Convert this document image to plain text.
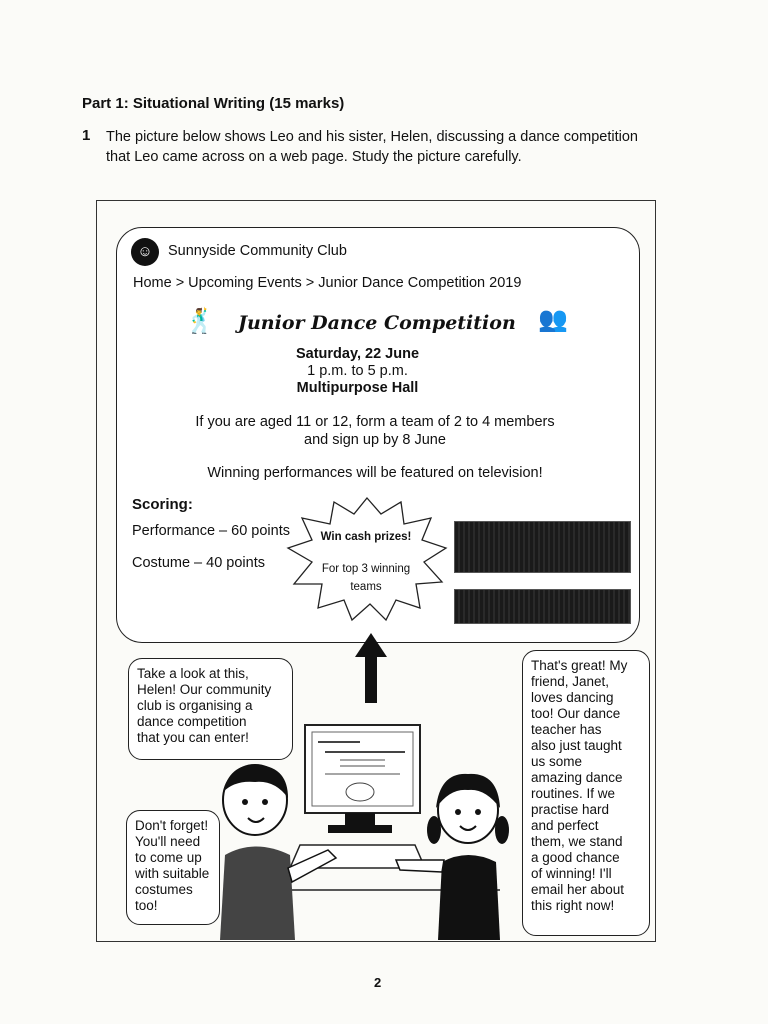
Part 1: Situational Writing (15 marks)
1 The picture below shows Leo and his sister, Helen, discussing a dance competition
that Leo came across on a web page. Study the picture carefully.
☺	Sunnyside Community Club
Home > Upcoming Events > Junior Dance Competition 2019
🕺 Junior Dance Competition 👥
Saturday, 22 June
1 p.m. to 5 p.m.
Multipurpose Hall
If you are aged 11 or 12, form a team of 2 to 4 members
and sign up by 8 June
Winning performances will be featured on television!
Scoring:
Performance – 60 points
Costume – 40 points
Win cash prizes!
For top 3 winning
teams

Take a look at this,

Helen! Our community

club is organising a

dance competition

that you can enter!

Don't forget!

You'll need

to come up

with suitable

costumes

too!

That's great! My

friend, Janet,

loves dancing

too! Our dance

teacher has

also just taught

us some

amazing dance

routines. If we

practise hard

and perfect

them, we stand

a good chance

of winning! I'll

email her about

this right now!

2
